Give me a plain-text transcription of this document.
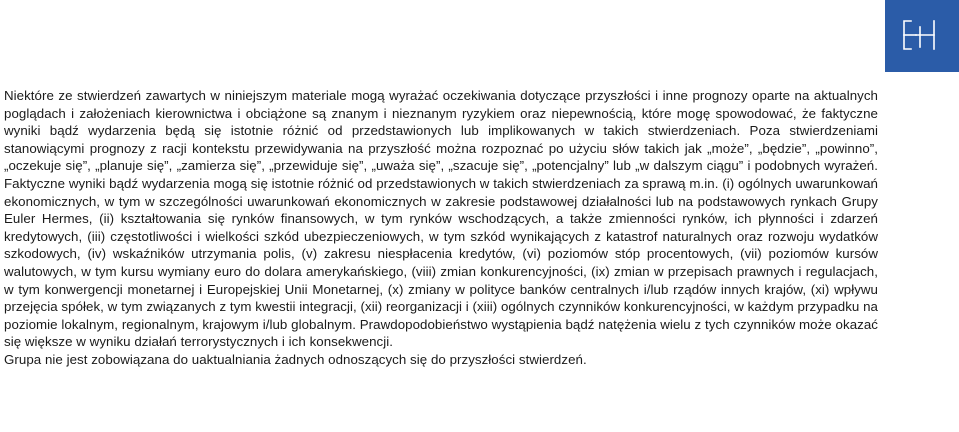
Niektóre ze stwierdzeń zawartych w niniejszym materiale mogą wyrażać oczekiwania dotyczące przyszłości i inne prognozy oparte na aktualnych poglądach i założeniach kierownictwa i obciążone są znanym i nieznanym ryzykiem oraz niepewnością, które mogę spowodować, że faktyczne wyniki bądź wydarzenia będą się istotnie różnić od przedstawionych lub implikowanych w takich stwierdzeniach. Poza stwierdzeniami stanowiącymi prognozy z racji kontekstu przewidywania na przyszłość można rozpoznać po użyciu słów takich jak „może”, „będzie”, „powinno”, „oczekuje się”, „planuje się”, „zamierza się”, „przewiduje się”, „uważa się”, „szacuje się”, „potencjalny” lub „w dalszym ciągu” i podobnych wyrażeń. Faktyczne wyniki bądź wydarzenia mogą się istotnie różnić od przedstawionych w takich stwierdzeniach za sprawą m.in. (i) ogólnych uwarunkowań ekonomicznych, w tym w szczególności uwarunkowań ekonomicznych w zakresie podstawowej działalności lub na podstawowych rynkach Grupy Euler Hermes, (ii) kształtowania się rynków finansowych, w tym rynków wschodzących, a także zmienności rynków, ich płynności i zdarzeń kredytowych, (iii) częstotliwości i wielkości szkód ubezpieczeniowych, w tym szkód wynikających z katastrof naturalnych oraz rozwoju wydatków szkodowych, (iv) wskaźników utrzymania polis, (v) zakresu niespłacenia kredytów, (vi) poziomów stóp procentowych, (vii) poziomów kursów walutowych, w tym kursu wymiany euro do dolara amerykańskiego, (viii) zmian konkurencyjności, (ix) zmian w przepisach prawnych i regulacjach, w tym konwergencji monetarnej i Europejskiej Unii Monetarnej, (x) zmiany w polityce banków centralnych i/lub rządów innych krajów, (xi) wpływu przejęcia spółek, w tym związanych z tym kwestii integracji, (xii) reorganizacji i (xiii) ogólnych czynników konkurencyjności, w każdym przypadku na poziomie lokalnym, regionalnym, krajowym i/lub globalnym. Prawdopodobieństwo wystąpienia bądź natężenia wielu z tych czynników może okazać się większe w wyniku działań terrorystycznych i ich konsekwencji.

Grupa nie jest zobowiązana do uaktualniania żadnych odnoszących się do przyszłości stwierdzeń.
